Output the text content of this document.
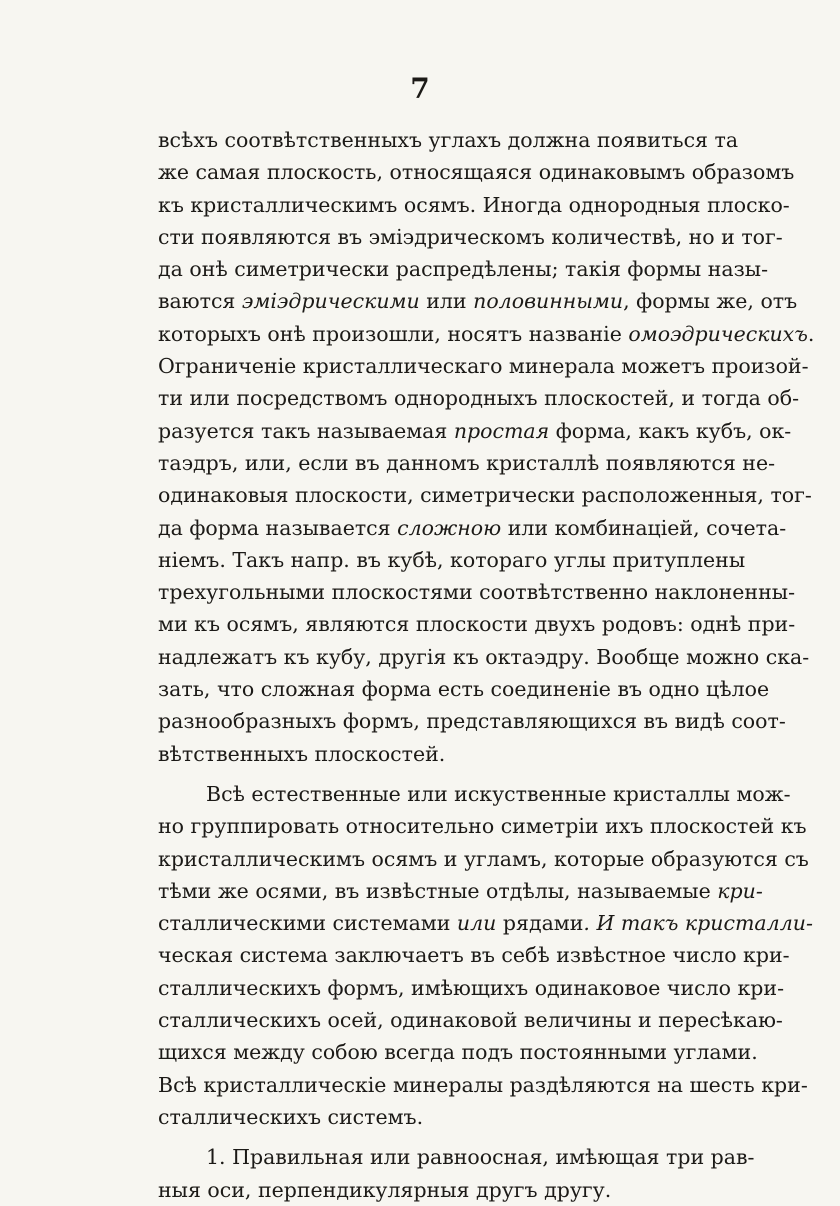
7
всѣхъ соотвѣтственныхъ углахъ должна появиться та
же самая плоскость, относящаяся одинаковымъ образомъ
къ кристаллическимъ осямъ. Иногда однородныя плоско-
сти появляются въ эміэдрическомъ количествѣ, но и тог-
да онѣ симетрически распредѣлены; такія формы назы-
ваются эміэдрическими или половинными, формы же, отъ
которыхъ онѣ произошли, носятъ названіе омоэдрическихъ.
Ограниченіе кристаллическаго минерала можетъ произой-
ти или посредствомъ однородныхъ плоскостей, и тогда об-
разуется такъ называемая простая форма, какъ кубъ, ок-
таэдръ, или, если въ данномъ кристаллѣ появляются не-
одинаковыя плоскости, симетрически расположенныя, тог-
да форма называется сложною или комбинацiей, сочета-
ніемъ. Такъ напр. въ кубѣ, котораго углы притуплены
трехугольными плоскостями соотвѣтственно наклоненны-
ми къ осямъ, являются плоскости двухъ родовъ: однѣ при-
надлежатъ къ кубу, другія къ октаэдру. Вообще можно ска-
зать, что сложная форма есть соединеніе въ одно цѣлое
разнообразныхъ формъ, представляющихся въ видѣ соот-
вѣтственныхъ плоскостей.
Всѣ естественные или искуственные кристаллы мож-
но группировать относительно симетріи ихъ плоскостей къ
кристаллическимъ осямъ и угламъ, которые образуются съ
тѣми же осями, въ извѣстные отдѣлы, называемые кри-
сталлическими системами или рядами. И такъ кристалли-
ческая система заключаетъ въ себѣ извѣстное число кри-
сталлическихъ формъ, имѣющихъ одинаковое число кри-
сталлическихъ осей, одинаковой величины и пересѣкаю-
щихся между собою всегда подъ постоянными углами.
Всѣ кристаллическіе минералы раздѣляются на шесть кри-
сталлическихъ системъ.
1. Правильная или равноосная, имѣющая три рав-
ныя оси, перпендикулярныя другъ другу.
